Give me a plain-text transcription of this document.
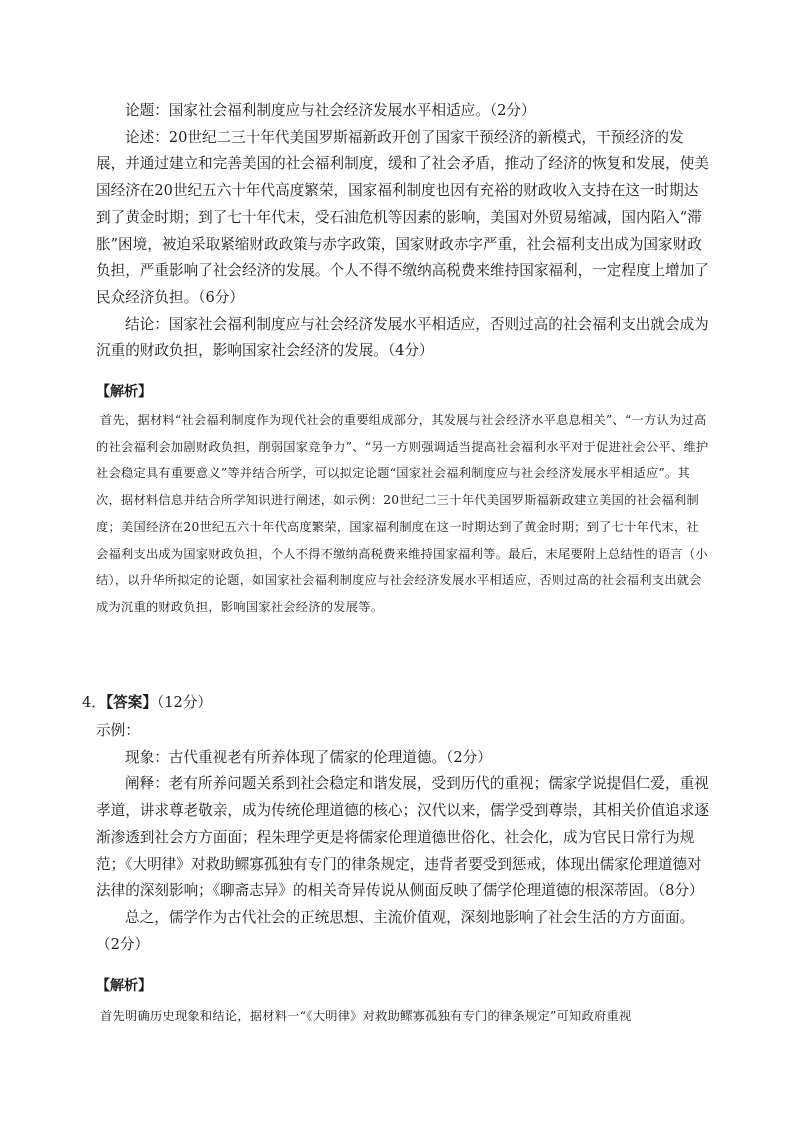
论题：国家社会福利制度应与社会经济发展水平相适应。（2分）

论述：20世纪二三十年代美国罗斯福新政开创了国家干预经济的新模式，干预经济的发展，并通过建立和完善美国的社会福利制度，缓和了社会矛盾，推动了经济的恢复和发展，使美国经济在20世纪五六十年代高度繁荣，国家福利制度也因有充裕的财政收入支持在这一时期达到了黄金时期；到了七十年代末，受石油危机等因素的影响，美国对外贸易缩减，国内陷入“滞胀”困境，被迫采取紧缩财政政策与赤字政策，国家财政赤字严重，社会福利支出成为国家财政负担，严重影响了社会经济的发展。个人不得不缴纳高税费来维持国家福利，一定程度上增加了民众经济负担。（6分）

结论：国家社会福利制度应与社会经济发展水平相适应，否则过高的社会福利支出就会成为沉重的财政负担，影响国家社会经济的发展。（4分）

【解析】

首先，据材料“社会福利制度作为现代社会的重要组成部分，其发展与社会经济水平息息相关”、“一方认为过高的社会福利会加剧财政负担，削弱国家竞争力”、“另一方则强调适当提高社会福利水平对于促进社会公平、维护社会稳定具有重要意义”等并结合所学，可以拟定论题“国家社会福利制度应与社会经济发展水平相适应”。其次，据材料信息并结合所学知识进行阐述，如示例：20世纪二三十年代美国罗斯福新政建立美国的社会福利制度；美国经济在20世纪五六十年代高度繁荣，国家福利制度在这一时期达到了黄金时期；到了七十年代末，社会福利支出成为国家财政负担，个人不得不缴纳高税费来维持国家福利等。最后，末尾要附上总结性的语言（小结），以升华所拟定的论题，如国家社会福利制度应与社会经济发展水平相适应，否则过高的社会福利支出就会成为沉重的财政负担，影响国家社会经济的发展等。

4．【答案】（12分）

示例：

现象：古代重视老有所养体现了儒家的伦理道德。（2分）

阐释：老有所养问题关系到社会稳定和谐发展，受到历代的重视；儒家学说提倡仁爱，重视孝道，讲求尊老敬亲，成为传统伦理道德的核心；汉代以来，儒学受到尊崇，其相关价值追求逐渐渗透到社会方方面面；程朱理学更是将儒家伦理道德世俗化、社会化，成为官民日常行为规范；《大明律》对救助鳏寡孤独有专门的律条规定，违背者要受到惩戒，体现出儒家伦理道德对法律的深刻影响；《聊斋志异》的相关奇异传说从侧面反映了儒学伦理道德的根深蒂固。（8分）

总之，儒学作为古代社会的正统思想、主流价值观，深刻地影响了社会生活的方方面面。（2分）

【解析】

首先明确历史现象和结论，据材料一“《大明律》对救助鳏寡孤独有专门的律条规定”可知政府重视
